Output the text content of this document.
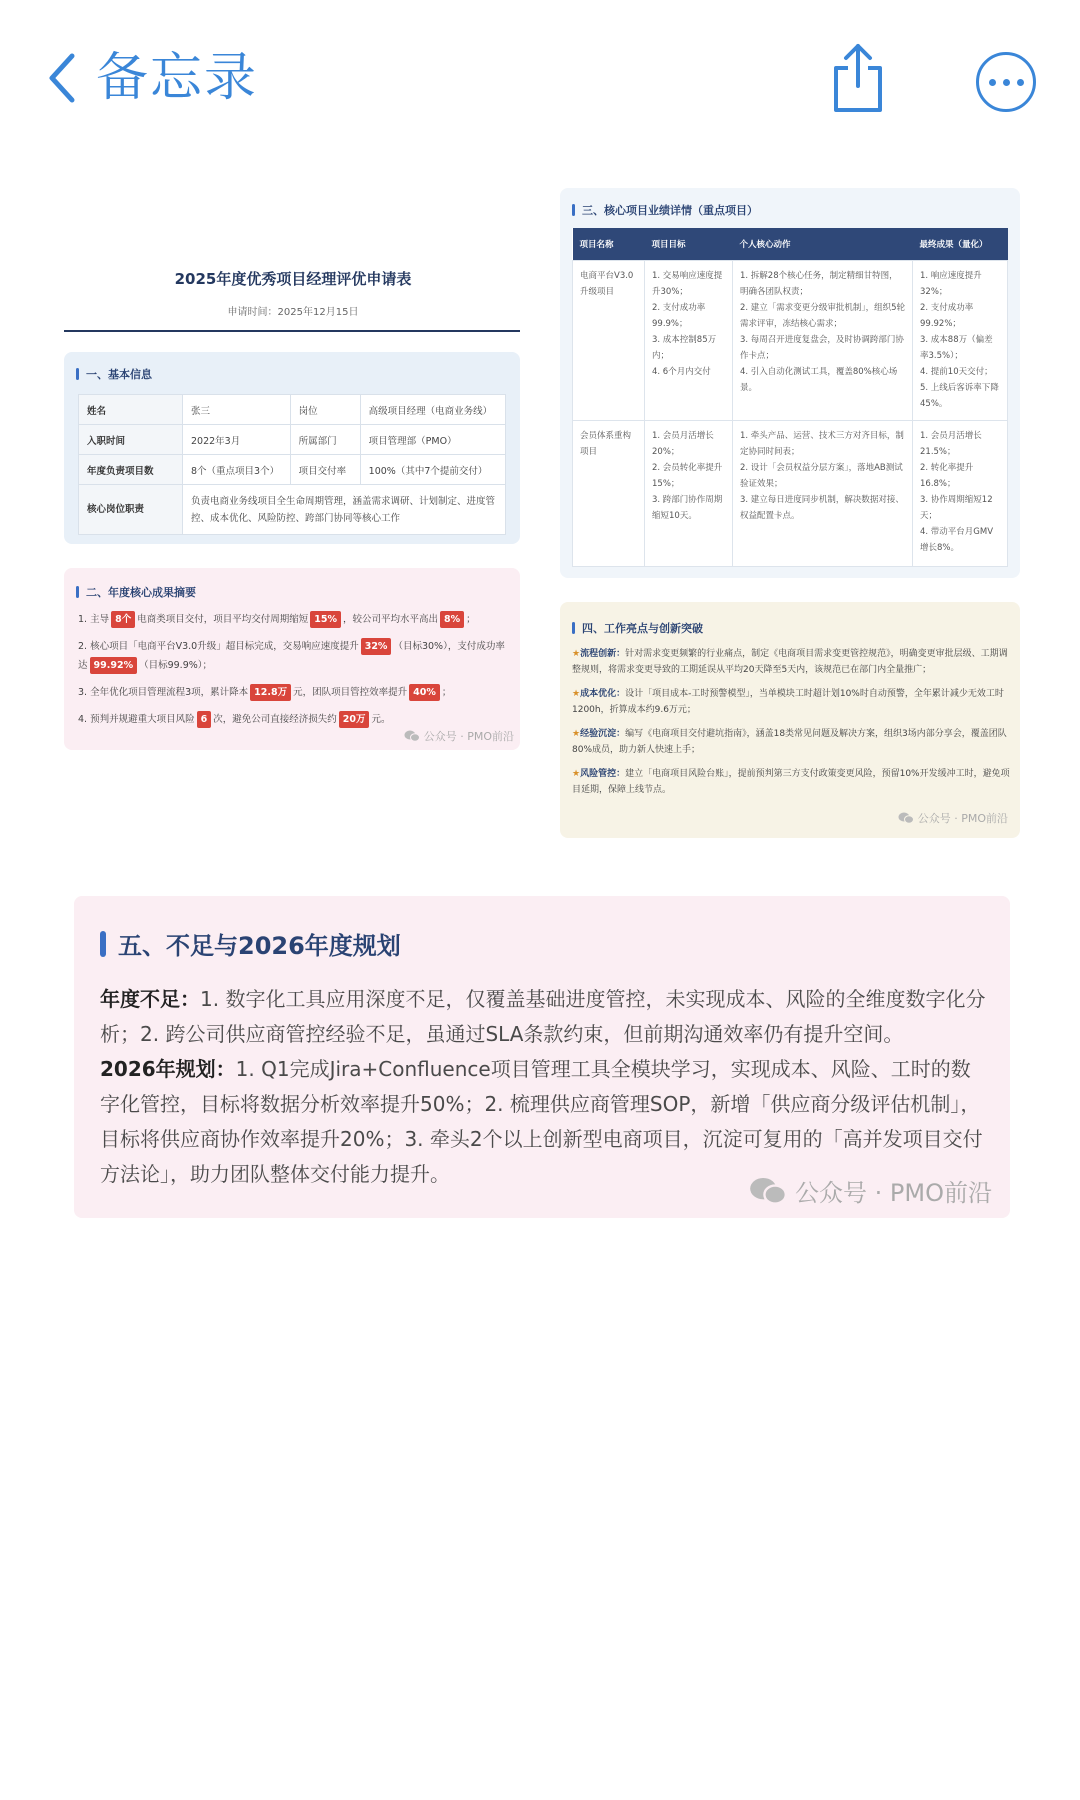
备忘录
2025年度优秀项目经理评优申请表
申请时间：2025年12月15日
一、基本信息
姓名	张三	岗位	高级项目经理（电商业务线）
入职时间	2022年3月	所属部门	项目管理部（PMO）
年度负责项目数	8个（重点项目3个）	项目交付率	100%（其中7个提前交付）
核心岗位职责	负责电商业务线项目全生命周期管理，涵盖需求调研、计划制定、进度管控、成本优化、风险防控、跨部门协同等核心工作		
二、年度核心成果摘要

1. 主导 8个 电商类项目交付，项目平均交付周期缩短 15% ，较公司平均水平高出 8% ；

2. 核心项目「电商平台V3.0升级」超目标完成，交易响应速度提升 32% （目标30%），支付成功率达 99.92% （目标99.9%）；

3. 全年优化项目管理流程3项，累计降本 12.8万 元，团队项目管控效率提升 40% ；

4. 预判并规避重大项目风险 6 次，避免公司直接经济损失约 20万 元。

公众号 · PMO前沿
三、核心项目业绩详情（重点项目）
项目名称	项目目标	个人核心动作	最终成果（量化）
电商平台V3.0升级项目	1. 交易响应速度提升30%；
2. 支付成功率99.9%；
3. 成本控制85万内；
4. 6个月内交付	1. 拆解28个核心任务，制定精细甘特图，明确各团队权责；
2. 建立「需求变更分级审批机制」，组织5轮需求评审，冻结核心需求；
3. 每周召开进度复盘会，及时协调跨部门协作卡点；
4. 引入自动化测试工具，覆盖80%核心场景。	1. 响应速度提升32%；
2. 支付成功率99.92%；
3. 成本88万（偏差率3.5%）；
4. 提前10天交付；
5. 上线后客诉率下降45%。
会员体系重构项目	1. 会员月活增长20%；
2. 会员转化率提升15%；
3. 跨部门协作周期缩短10天。	1. 牵头产品、运营、技术三方对齐目标，制定协同时间表；
2. 设计「会员权益分层方案」，落地AB测试验证效果；
3. 建立每日进度同步机制，解决数据对接、权益配置卡点。	1. 会员月活增长21.5%；
2. 转化率提升16.8%；
3. 协作周期缩短12天；
4. 带动平台月GMV增长8%。
四、工作亮点与创新突破

★流程创新：针对需求变更频繁的行业痛点，制定《电商项目需求变更管控规范》，明确变更审批层级、工期调整规则，将需求变更导致的工期延误从平均20天降至5天内，该规范已在部门内全量推广；

★成本优化：设计「项目成本-工时预警模型」，当单模块工时超计划10%时自动预警，全年累计减少无效工时1200h，折算成本约9.6万元；

★经验沉淀：编写《电商项目交付避坑指南》，涵盖18类常见问题及解决方案，组织3场内部分享会，覆盖团队80%成员，助力新人快速上手；

★风险管控：建立「电商项目风险台账」，提前预判第三方支付政策变更风险，预留10%开发缓冲工时，避免项目延期，保障上线节点。

公众号 · PMO前沿
五、不足与2026年度规划
年度不足：1. 数字化工具应用深度不足，仅覆盖基础进度管控，未实现成本、风险的全维度数字化分析；2. 跨公司供应商管控经验不足，虽通过SLA条款约束，但前期沟通效率仍有提升空间。
2026年规划：1. Q1完成Jira+Confluence项目管理工具全模块学习，实现成本、风险、工时的数字化管控，目标将数据分析效率提升50%；2. 梳理供应商管理SOP，新增「供应商分级评估机制」，目标将供应商协作效率提升20%；3. 牵头2个以上创新型电商项目，沉淀可复用的「高并发项目交付方法论」，助力团队整体交付能力提升。
公众号 · PMO前沿
